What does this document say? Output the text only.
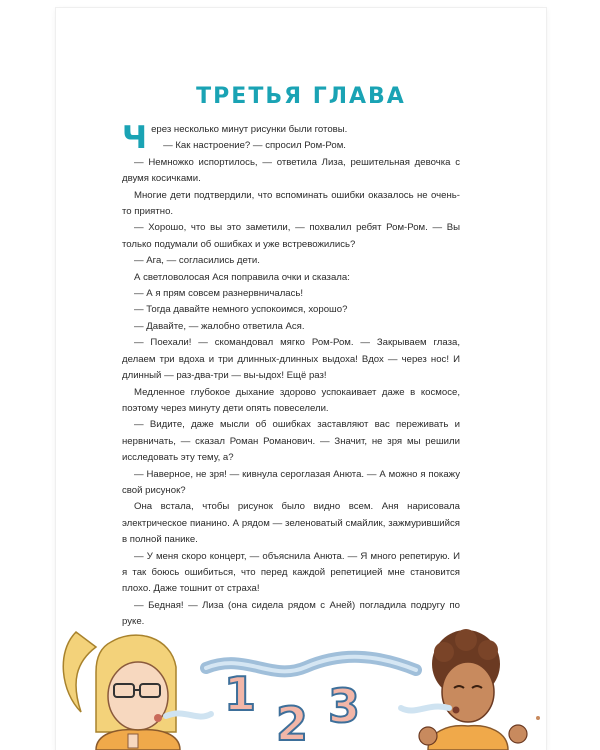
ТРЕТЬЯ ГЛАВА

Через несколько минут рисунки были готовы.

— Как настроение? — спросил Ром-Ром.

— Немножко испортилось, — ответила Лиза, решительная девочка с двумя косичками.

Многие дети подтвердили, что вспоминать ошибки оказалось не очень-то приятно.

— Хорошо, что вы это заметили, — похвалил ребят Ром-Ром. — Вы только подумали об ошибках и уже встревожились?

— Ага, — согласились дети.

А светловолосая Ася поправила очки и сказала:

— А я прям совсем разнервничалась!

— Тогда давайте немного успокоимся, хорошо?

— Давайте, — жалобно ответила Ася.

— Поехали! — скомандовал мягко Ром-Ром. — Закрываем глаза, делаем три вдоха и три длинных-длинных выдоха! Вдох — через нос! И длинный — раз-два-три — вы-ыдох! Ещё раз!

Медленное глубокое дыхание здорово успокаивает даже в космосе, поэтому через минуту дети опять повеселели.

— Видите, даже мысли об ошибках заставляют вас переживать и нервничать, — сказал Роман Романович. — Значит, не зря мы решили исследовать эту тему, а?

— Наверное, не зря! — кивнула сероглазая Анюта. — А можно я покажу свой рисунок?

Она встала, чтобы рисунок было видно всем. Аня нарисовала электрическое пианино. А рядом — зеленоватый смайлик, зажмурившийся в полной панике.

— У меня скоро концерт, — объяснила Анюта. — Я много репетирую. И я так боюсь ошибиться, что перед каждой репетицией мне становится плохо. Даже тошнит от страха!

— Бедная! — Лиза (она сидела рядом с Аней) погладила подругу по руке.

1
2 3
